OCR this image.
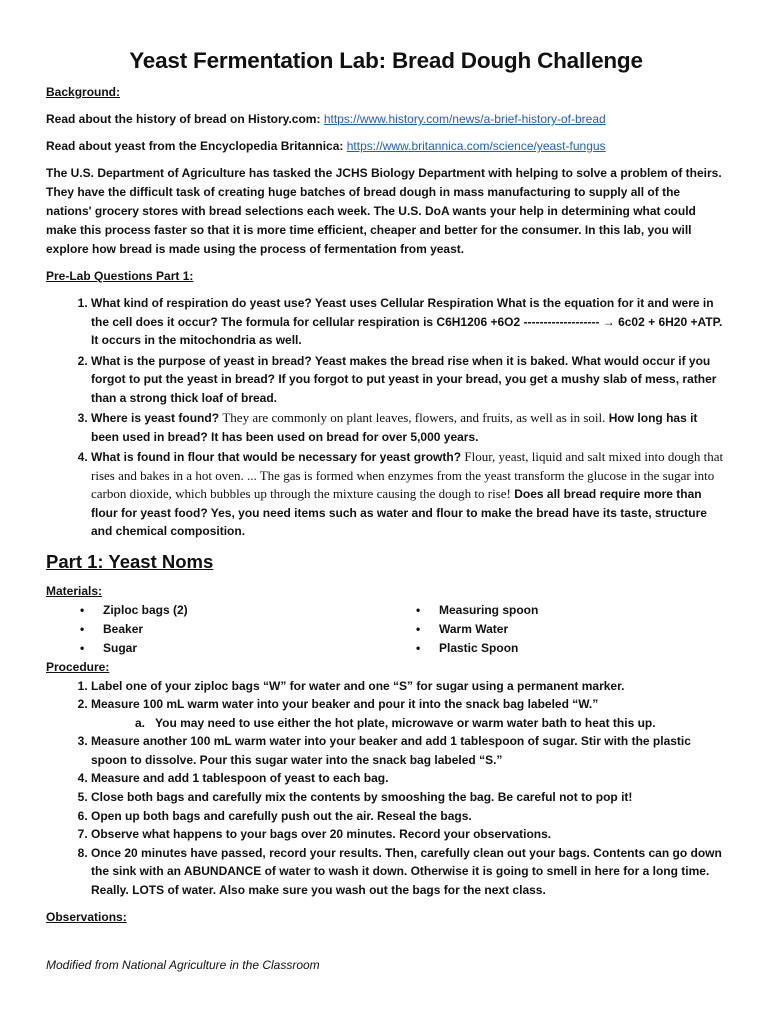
Yeast Fermentation Lab: Bread Dough Challenge

Background:

Read about the history of bread on History.com: https://www.history.com/news/a-brief-history-of-bread

Read about yeast from the Encyclopedia Britannica: https://www.britannica.com/science/yeast-fungus

The U.S. Department of Agriculture has tasked the JCHS Biology Department with helping to solve a problem of theirs. They have the difficult task of creating huge batches of bread dough in mass manufacturing to supply all of the nations' grocery stores with bread selections each week. The U.S. DoA wants your help in determining what could make this process faster so that it is more time efficient, cheaper and better for the consumer. In this lab, you will explore how bread is made using the process of fermentation from yeast.

Pre-Lab Questions Part 1:

1. What kind of respiration do yeast use? Yeast uses Cellular Respiration What is the equation for it and were in the cell does it occur? The formula for cellular respiration is C6H1206 +6O2 ------------------- → 6c02 + 6H20 +ATP. It occurs in the mitochondria as well.
2. What is the purpose of yeast in bread? Yeast makes the bread rise when it is baked. What would occur if you forgot to put the yeast in bread? If you forgot to put yeast in your bread, you get a mushy slab of mess, rather than a strong thick loaf of bread.
3. Where is yeast found? They are commonly on plant leaves, flowers, and fruits, as well as in soil. How long has it been used in bread? It has been used on bread for over 5,000 years.
4. What is found in flour that would be necessary for yeast growth? Flour, yeast, liquid and salt mixed into dough that rises and bakes in a hot oven. ... The gas is formed when enzymes from the yeast transform the glucose in the sugar into carbon dioxide, which bubbles up through the mixture causing the dough to rise! Does all bread require more than flour for yeast food? Yes, you need items such as water and flour to make the bread have its taste, structure and chemical composition.
Part 1: Yeast Noms

Materials:

• Ziploc bags (2)
• Beaker
• Sugar
• Measuring spoon
• Warm Water
• Plastic Spoon

Procedure:

1. Label one of your ziploc bags “W” for water and one “S” for sugar using a permanent marker.
2. Measure 100 mL warm water into your beaker and pour it into the snack bag labeled “W.”
a. You may need to use either the hot plate, microwave or warm water bath to heat this up.
3. Measure another 100 mL warm water into your beaker and add 1 tablespoon of sugar. Stir with the plastic spoon to dissolve. Pour this sugar water into the snack bag labeled “S.”
4. Measure and add 1 tablespoon of yeast to each bag.
5. Close both bags and carefully mix the contents by smooshing the bag. Be careful not to pop it!
6. Open up both bags and carefully push out the air. Reseal the bags.
7. Observe what happens to your bags over 20 minutes. Record your observations.
8. Once 20 minutes have passed, record your results. Then, carefully clean out your bags. Contents can go down the sink with an ABUNDANCE of water to wash it down. Otherwise it is going to smell in here for a long time. Really. LOTS of water. Also make sure you wash out the bags for the next class.

Observations:

Modified from National Agriculture in the Classroom
